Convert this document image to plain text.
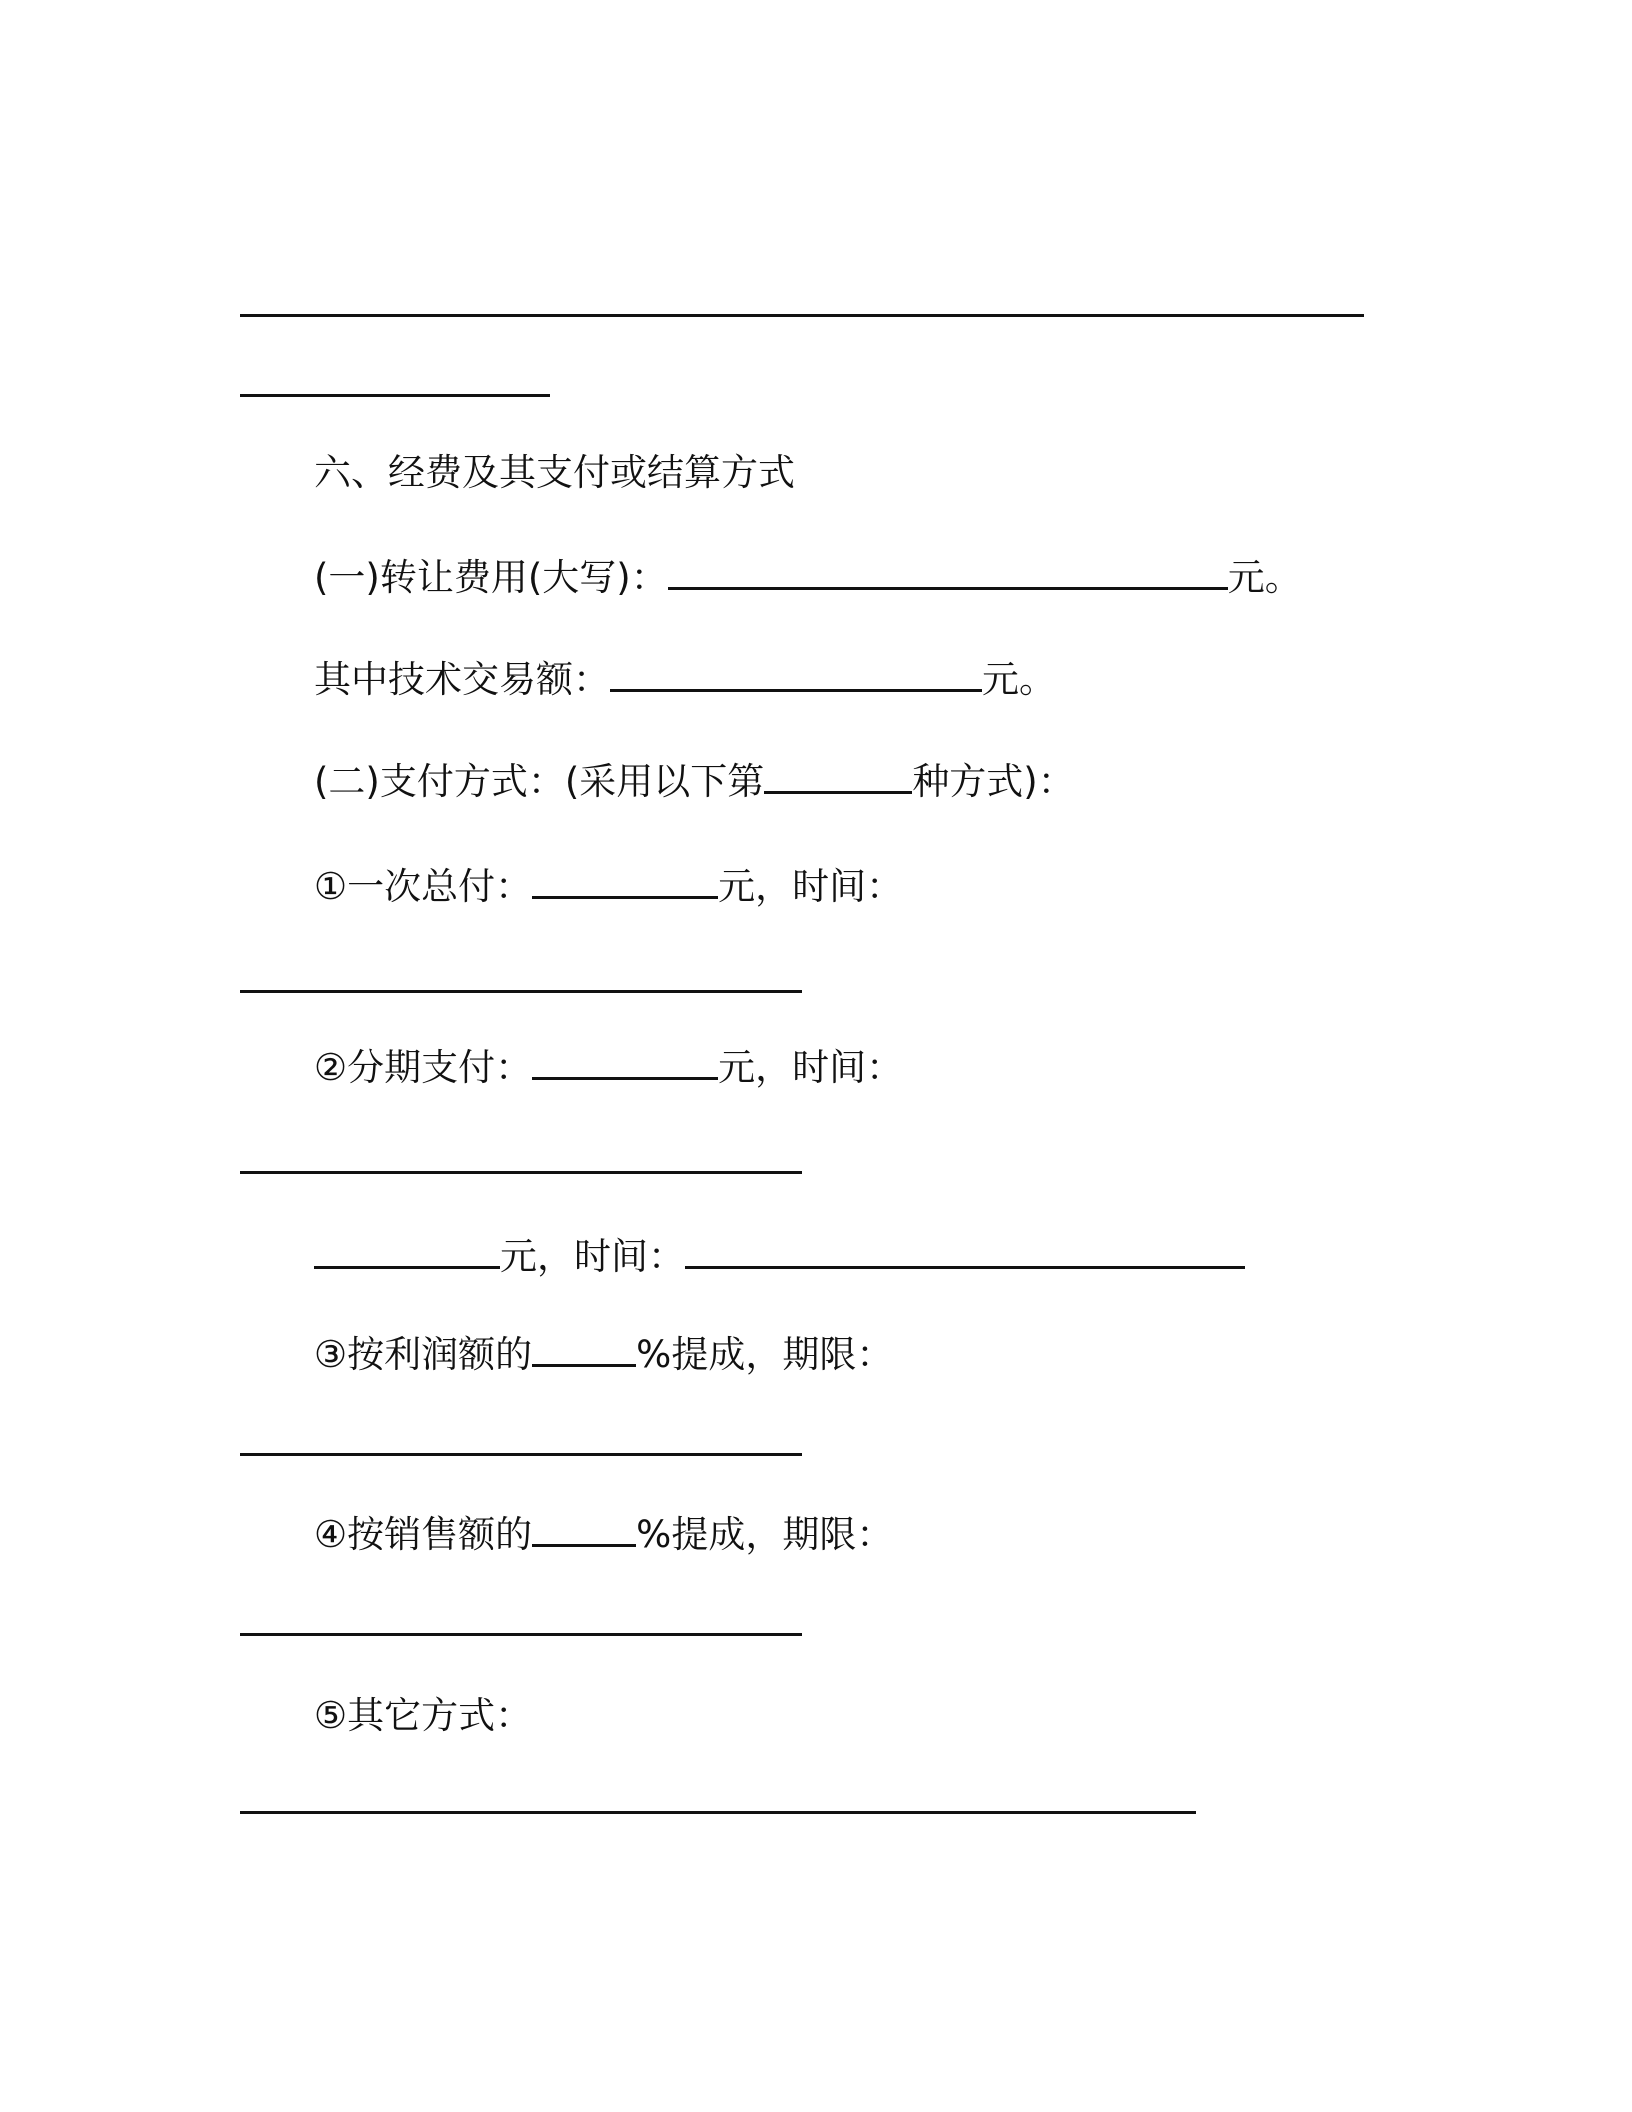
六、经费及其支付或结算方式
(一)转让费用(大写)：	元。
其中技术交易额：	元。
(二)支付方式：(采用以下第	种方式)：
①一次总付：	元，时间：
②分期支付：	元，时间：
元，时间：
③按利润额的	%提成，期限：
④按销售额的	%提成，期限：
⑤其它方式：
